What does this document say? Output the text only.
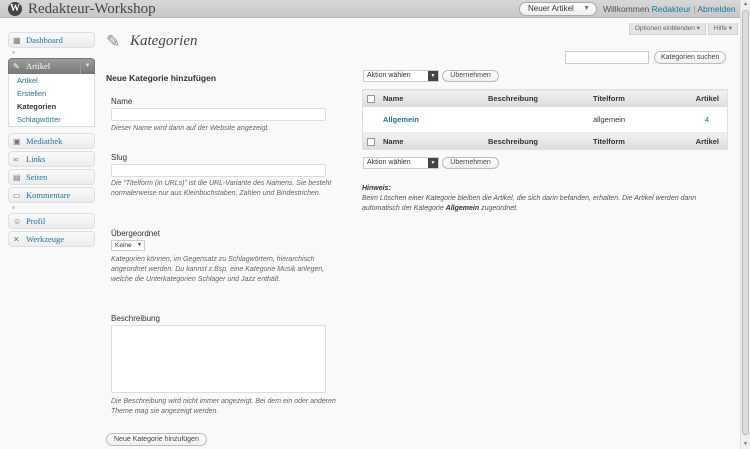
W Redakteur-Workshop	Neuer Artikel ▼ Willkommen Redakteur | Abmelden	▲
▼
Optionen einblenden ▾ Hilfe ▾
▦ Dashboard
✎ Artikel	▼
Artikel
Erstellen
Kategorien
Schlagwörter
▣ Mediathek
∞ Links
▤ Seiten
▭ Kommentare
☺ Profil
✕ Werkzeuge
✎ Kategorien
Kategorien suchen
Neue Kategorie hinzufügen
Name
Dieser Name wird dann auf der Website angezeigt.
Slug
Die “Titelform (in URLs)” ist die URL-Variante des Namens. Sie besteht normalerweise nur aus Kleinbuchstaben, Zahlen und Bindestrichen.
Übergeordnet
Keine ▼
Kategorien können, im Gegensatz zu Schlagwörtern, hierarchisch angeordnet werden. Du kannst z.Bsp. eine Kategorie Musik anlegen, welche die Unterkategorien Schlager und Jazz enthält.
Beschreibung
Die Beschreibung wird nicht immer angezeigt. Bei dem ein oder anderen Theme mag sie angezeigt werden.
Neue Kategorie hinzufügen
Aktion wählen	▼	Übernehmen
	Name	Beschreibung	Titelform	Artikel
	Allgemein		allgemein	4
	Name	Beschreibung	Titelform	Artikel
Aktion wählen	▼	Übernehmen
Hinweis:
Beim Löschen einer Kategorie bleiben die Artikel, die sich darin befanden, erhalten. Die Artikel werden dann automatisch der Kategorie Allgemein zugeordnet.
